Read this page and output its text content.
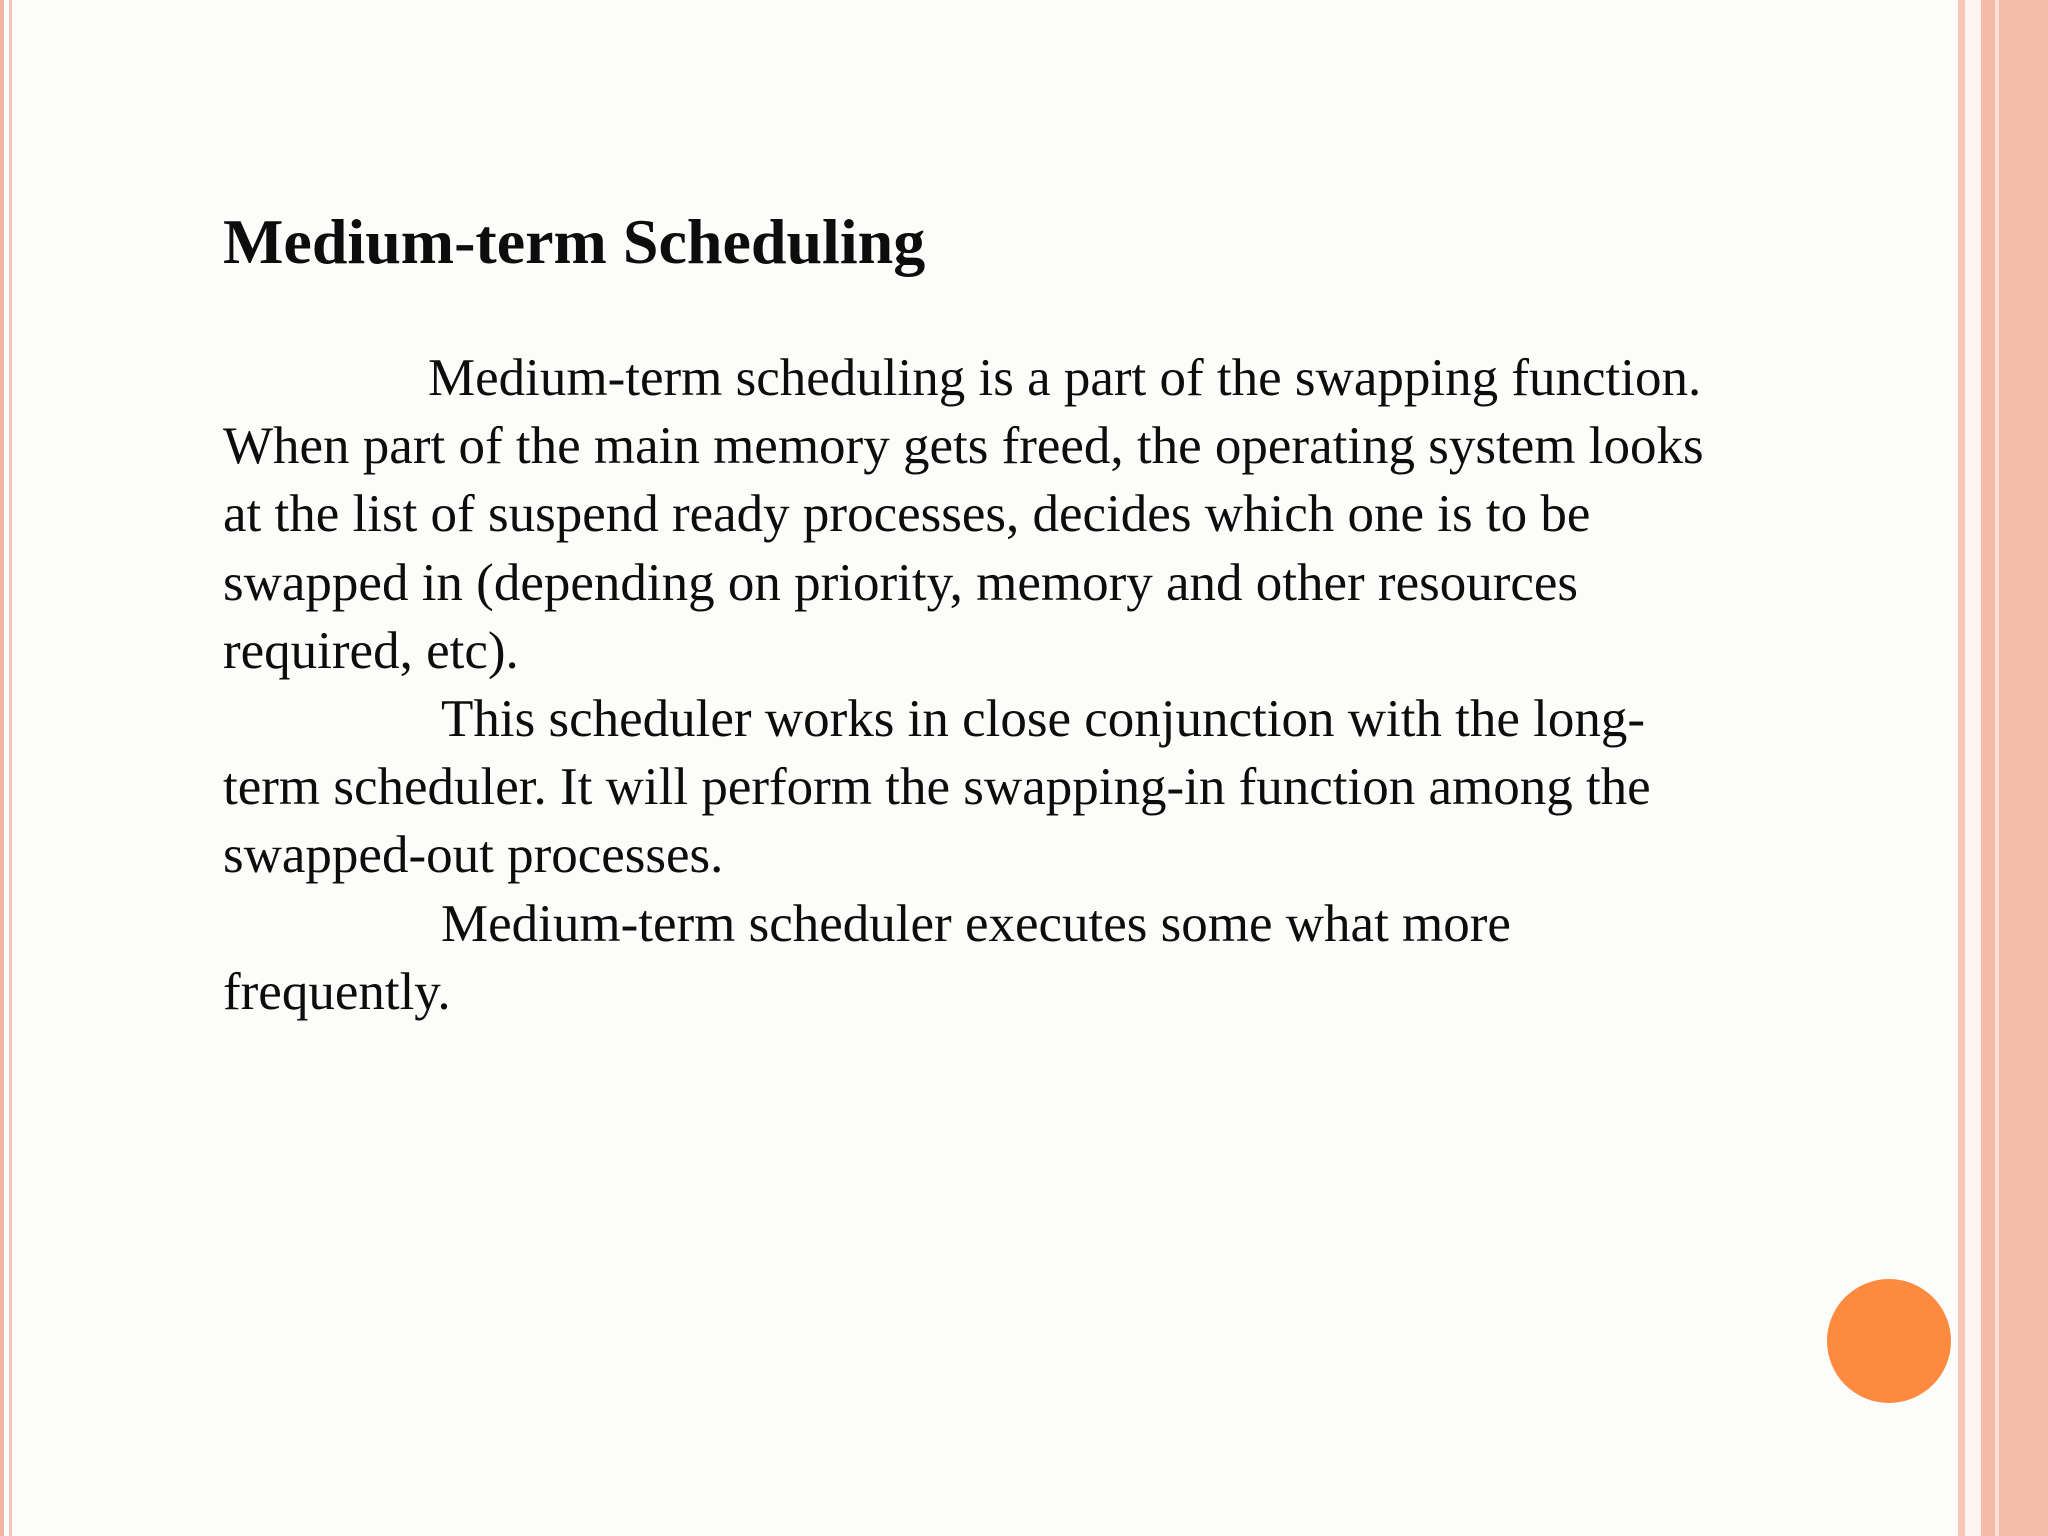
Medium-term Scheduling
Medium-term scheduling is a part of the swapping function.
When part of the main memory gets freed, the operating system looks
at the list of suspend ready processes, decides which one is to be
swapped in (depending on priority, memory and other resources
required, etc).
This scheduler works in close conjunction with the long-
term scheduler. It will perform the swapping-in function among the
swapped-out processes.
Medium-term scheduler executes some what more
frequently.
